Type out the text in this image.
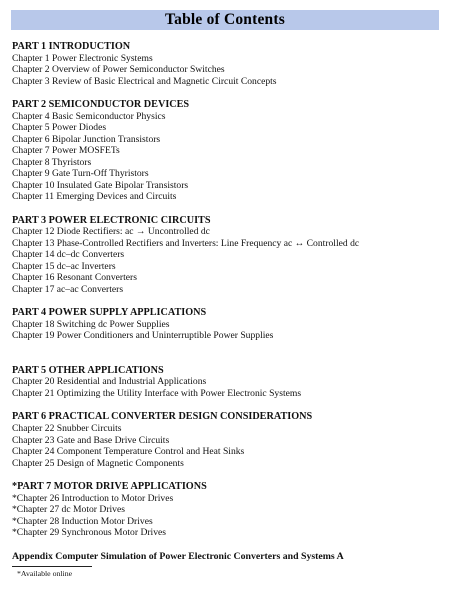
Table of Contents
PART 1 INTRODUCTION
Chapter 1 Power Electronic Systems
Chapter 2 Overview of Power Semiconductor Switches
Chapter 3 Review of Basic Electrical and Magnetic Circuit Concepts
PART 2 SEMICONDUCTOR DEVICES
Chapter 4 Basic Semiconductor Physics
Chapter 5 Power Diodes
Chapter 6 Bipolar Junction Transistors
Chapter 7 Power MOSFETs
Chapter 8 Thyristors
Chapter 9 Gate Turn-Off Thyristors
Chapter 10 Insulated Gate Bipolar Transistors
Chapter 11 Emerging Devices and Circuits
PART 3 POWER ELECTRONIC CIRCUITS
Chapter 12 Diode Rectifiers: ac → Uncontrolled dc
Chapter 13 Phase-Controlled Rectifiers and Inverters: Line Frequency ac ↔ Controlled dc
Chapter 14 dc–dc Converters
Chapter 15 dc–ac Inverters
Chapter 16 Resonant Converters
Chapter 17 ac–ac Converters
PART 4 POWER SUPPLY APPLICATIONS
Chapter 18 Switching dc Power Supplies
Chapter 19 Power Conditioners and Uninterruptible Power Supplies
PART 5 OTHER APPLICATIONS
Chapter 20 Residential and Industrial Applications
Chapter 21 Optimizing the Utility Interface with Power Electronic Systems
PART 6 PRACTICAL CONVERTER DESIGN CONSIDERATIONS
Chapter 22 Snubber Circuits
Chapter 23 Gate and Base Drive Circuits
Chapter 24 Component Temperature Control and Heat Sinks
Chapter 25 Design of Magnetic Components
*PART 7 MOTOR DRIVE APPLICATIONS
*Chapter 26 Introduction to Motor Drives
*Chapter 27 dc Motor Drives
*Chapter 28 Induction Motor Drives
*Chapter 29 Synchronous Motor Drives
Appendix Computer Simulation of Power Electronic Converters and Systems A
*Available online
